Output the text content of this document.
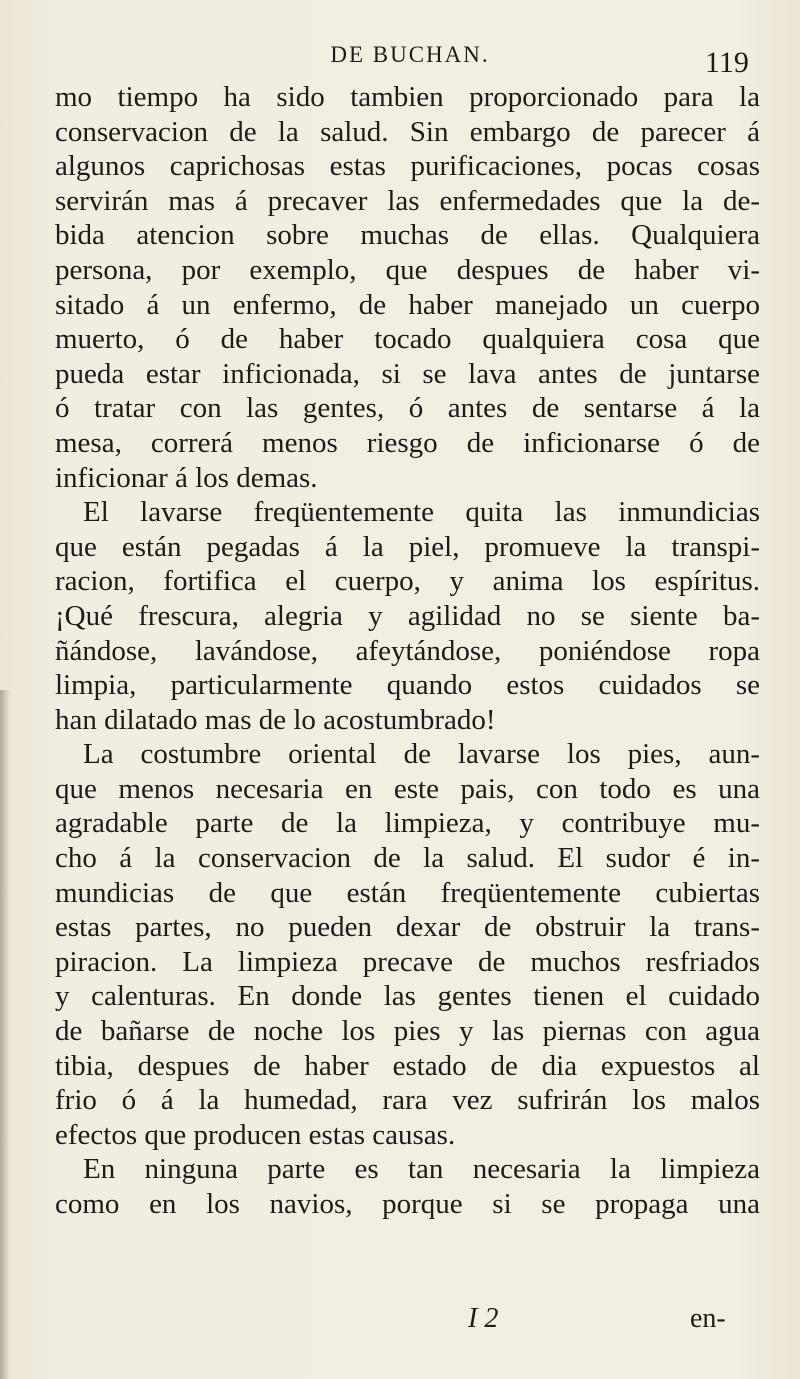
DE BUCHAN.	119
mo tiempo ha sido tambien proporcionado para la
conservacion de la salud. Sin embargo de parecer á
algunos caprichosas estas purificaciones, pocas cosas
servirán mas á precaver las enfermedades que la de-
bida atencion sobre muchas de ellas. Qualquiera
persona, por exemplo, que despues de haber vi-
sitado á un enfermo, de haber manejado un cuerpo
muerto, ó de haber tocado qualquiera cosa que
pueda estar inficionada, si se lava antes de juntarse
ó tratar con las gentes, ó antes de sentarse á la
mesa, correrá menos riesgo de inficionarse ó de
inficionar á los demas.
El lavarse freqüentemente quita las inmundicias
que están pegadas á la piel, promueve la transpi-
racion, fortifica el cuerpo, y anima los espíritus.
¡Qué frescura, alegria y agilidad no se siente ba-
ñándose, lavándose, afeytándose, poniéndose ropa
limpia, particularmente quando estos cuidados se
han dilatado mas de lo acostumbrado!
La costumbre oriental de lavarse los pies, aun-
que menos necesaria en este pais, con todo es una
agradable parte de la limpieza, y contribuye mu-
cho á la conservacion de la salud. El sudor é in-
mundicias de que están freqüentemente cubiertas
estas partes, no pueden dexar de obstruir la trans-
piracion. La limpieza precave de muchos resfriados
y calenturas. En donde las gentes tienen el cuidado
de bañarse de noche los pies y las piernas con agua
tibia, despues de haber estado de dia expuestos al
frio ó á la humedad, rara vez sufrirán los malos
efectos que producen estas causas.
En ninguna parte es tan necesaria la limpieza
como en los navios, porque si se propaga una
I 2	en-
